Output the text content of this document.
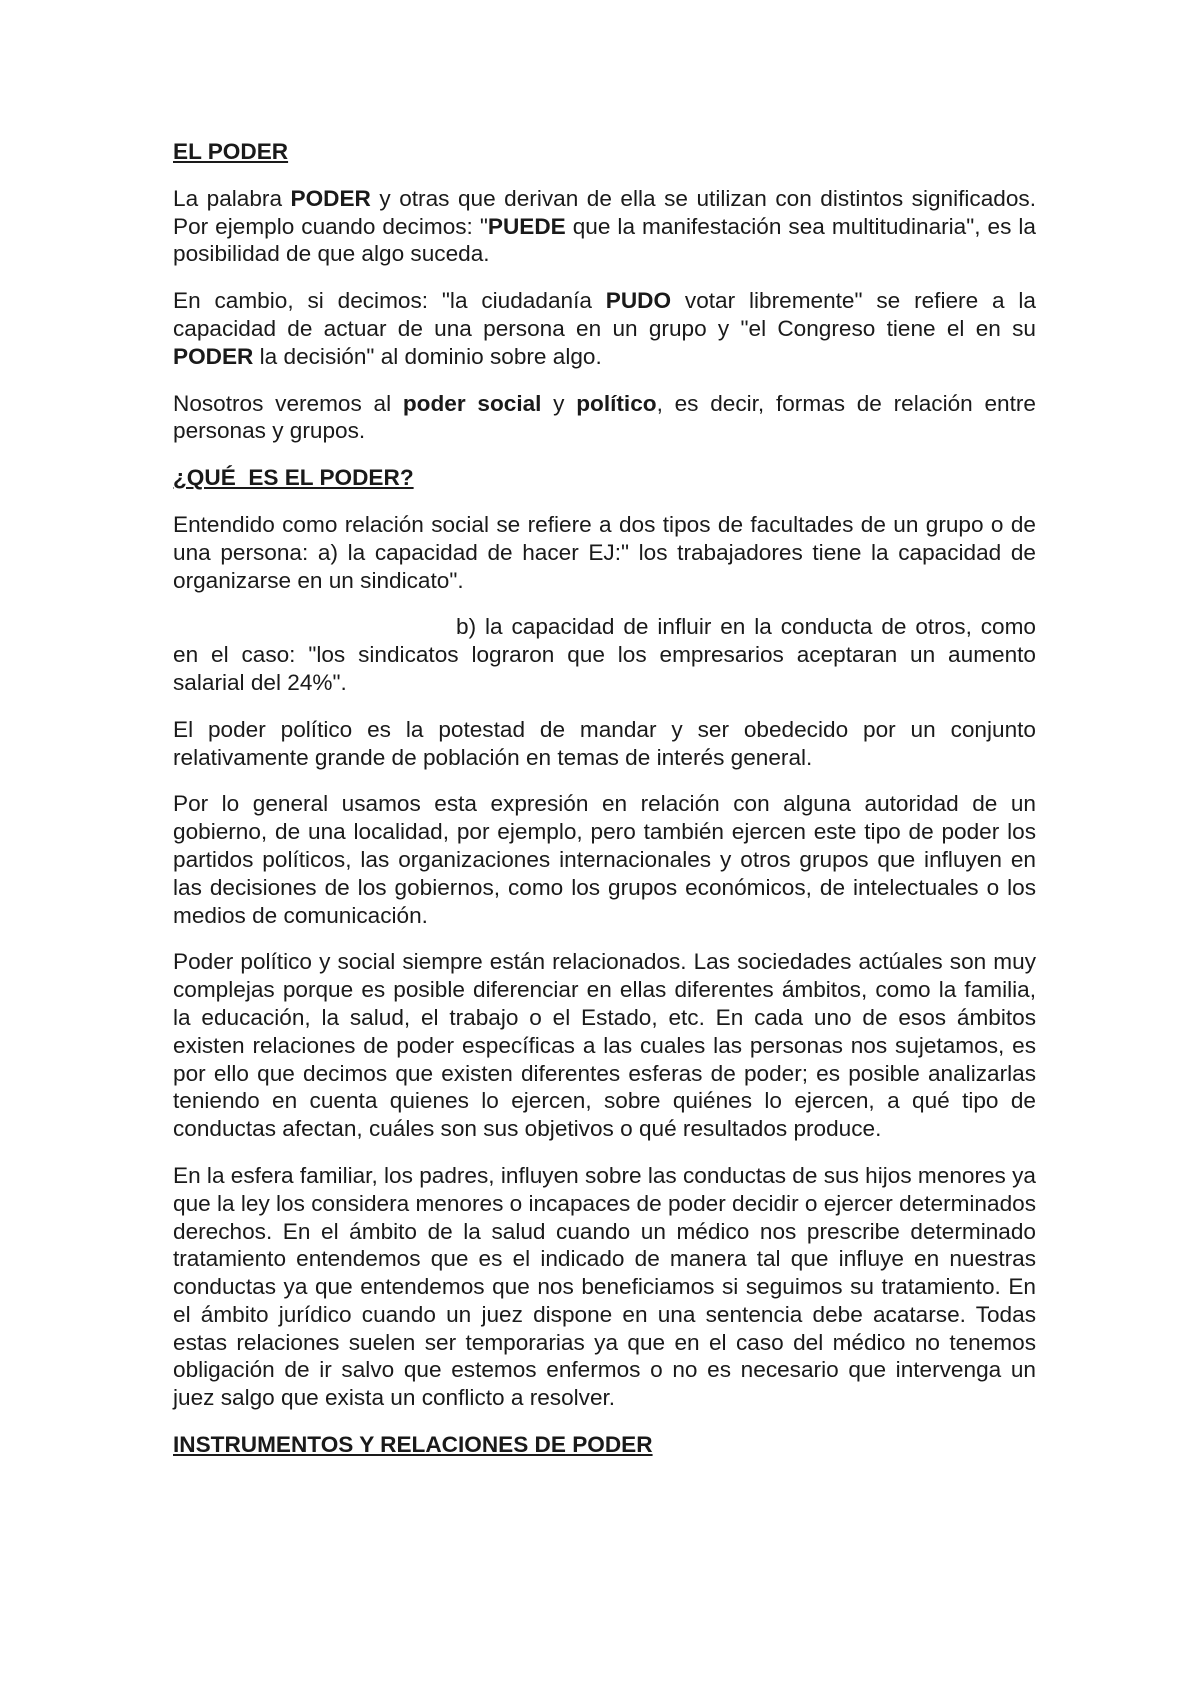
EL PODER

La palabra PODER y otras que derivan de ella se utilizan con distintos significados. Por ejemplo cuando decimos: "PUEDE que la manifestación sea multitudinaria", es la posibilidad de que algo suceda.

En cambio, si decimos: "la ciudadanía PUDO votar libremente" se refiere a la capacidad de actuar de una persona en un grupo y "el Congreso tiene el en su PODER la decisión" al dominio sobre algo.

Nosotros veremos al poder social y político, es decir, formas de relación entre personas y grupos.

¿QUÉ  ES EL PODER?

Entendido como relación social se refiere a dos tipos de facultades de un grupo o de una persona: a) la capacidad de hacer EJ:" los trabajadores tiene la capacidad de organizarse en un sindicato".

b) la capacidad de influir en la conducta de otros, como en el caso: "los sindicatos lograron que los empresarios aceptaran un aumento salarial del 24%".

El poder político es la potestad de mandar y ser obedecido por un conjunto relativamente grande de población en temas de interés general.

Por lo general usamos esta expresión en relación con alguna autoridad de un gobierno, de una localidad, por ejemplo, pero también ejercen este tipo de poder los partidos políticos, las organizaciones internacionales y otros grupos que influyen en las decisiones de los gobiernos, como los grupos económicos, de intelectuales o los medios de comunicación.

Poder político y social siempre están relacionados. Las sociedades actúales son muy complejas porque es posible diferenciar en ellas diferentes ámbitos, como la familia, la educación, la salud, el trabajo o el Estado, etc. En cada uno de esos ámbitos existen relaciones de poder específicas a las cuales las personas nos sujetamos, es por ello que decimos que existen diferentes esferas de poder; es posible analizarlas teniendo en cuenta quienes lo ejercen, sobre quiénes lo ejercen, a qué tipo de conductas afectan, cuáles son sus objetivos o qué resultados produce.

En la esfera familiar, los padres, influyen sobre las conductas de sus hijos menores ya que la ley los considera menores o incapaces de poder decidir o ejercer determinados derechos. En el ámbito de la salud cuando un médico nos prescribe determinado tratamiento entendemos que es el indicado de manera tal que influye en nuestras conductas ya que entendemos que nos beneficiamos si seguimos su tratamiento. En el ámbito jurídico cuando un juez dispone en una sentencia debe acatarse. Todas estas relaciones suelen ser temporarias ya que en el caso del médico no tenemos obligación de ir salvo que estemos enfermos o no es necesario que intervenga un juez salgo que exista un conflicto a resolver.

INSTRUMENTOS Y RELACIONES DE PODER
